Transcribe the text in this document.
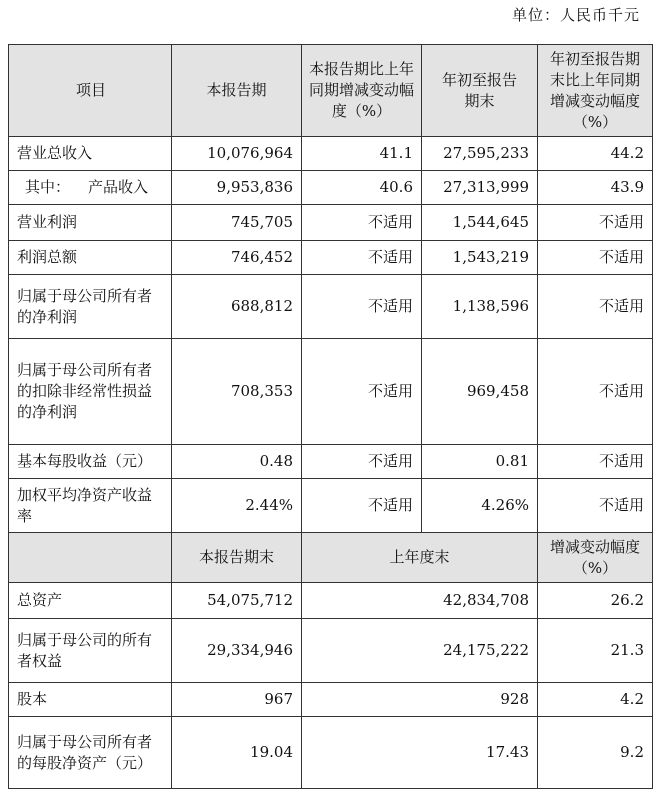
单位：人民币千元
项目	本报告期	本报告期比上年同期增减变动幅度（%）	年初至报告期末	年初至报告期末比上年同期增减变动幅度（%）
营业总收入	10,076,964	41.1	27,595,233	44.2
其中： 产品收入	9,953,836	40.6	27,313,999	43.9
营业利润	745,705	不适用	1,544,645	不适用
利润总额	746,452	不适用	1,543,219	不适用
归属于母公司所有者的净利润	688,812	不适用	1,138,596	不适用
归属于母公司所有者的扣除非经常性损益的净利润	708,353	不适用	969,458	不适用
基本每股收益（元）	0.48	不适用	0.81	不适用
加权平均净资产收益率	2.44%	不适用	4.26%	不适用
	本报告期末	上年度末		增减变动幅度（%）
总资产	54,075,712	42,834,708		26.2
归属于母公司的所有者权益	29,334,946	24,175,222		21.3
股本	967	928		4.2
归属于母公司所有者的每股净资产（元）	19.04	17.43		9.2
